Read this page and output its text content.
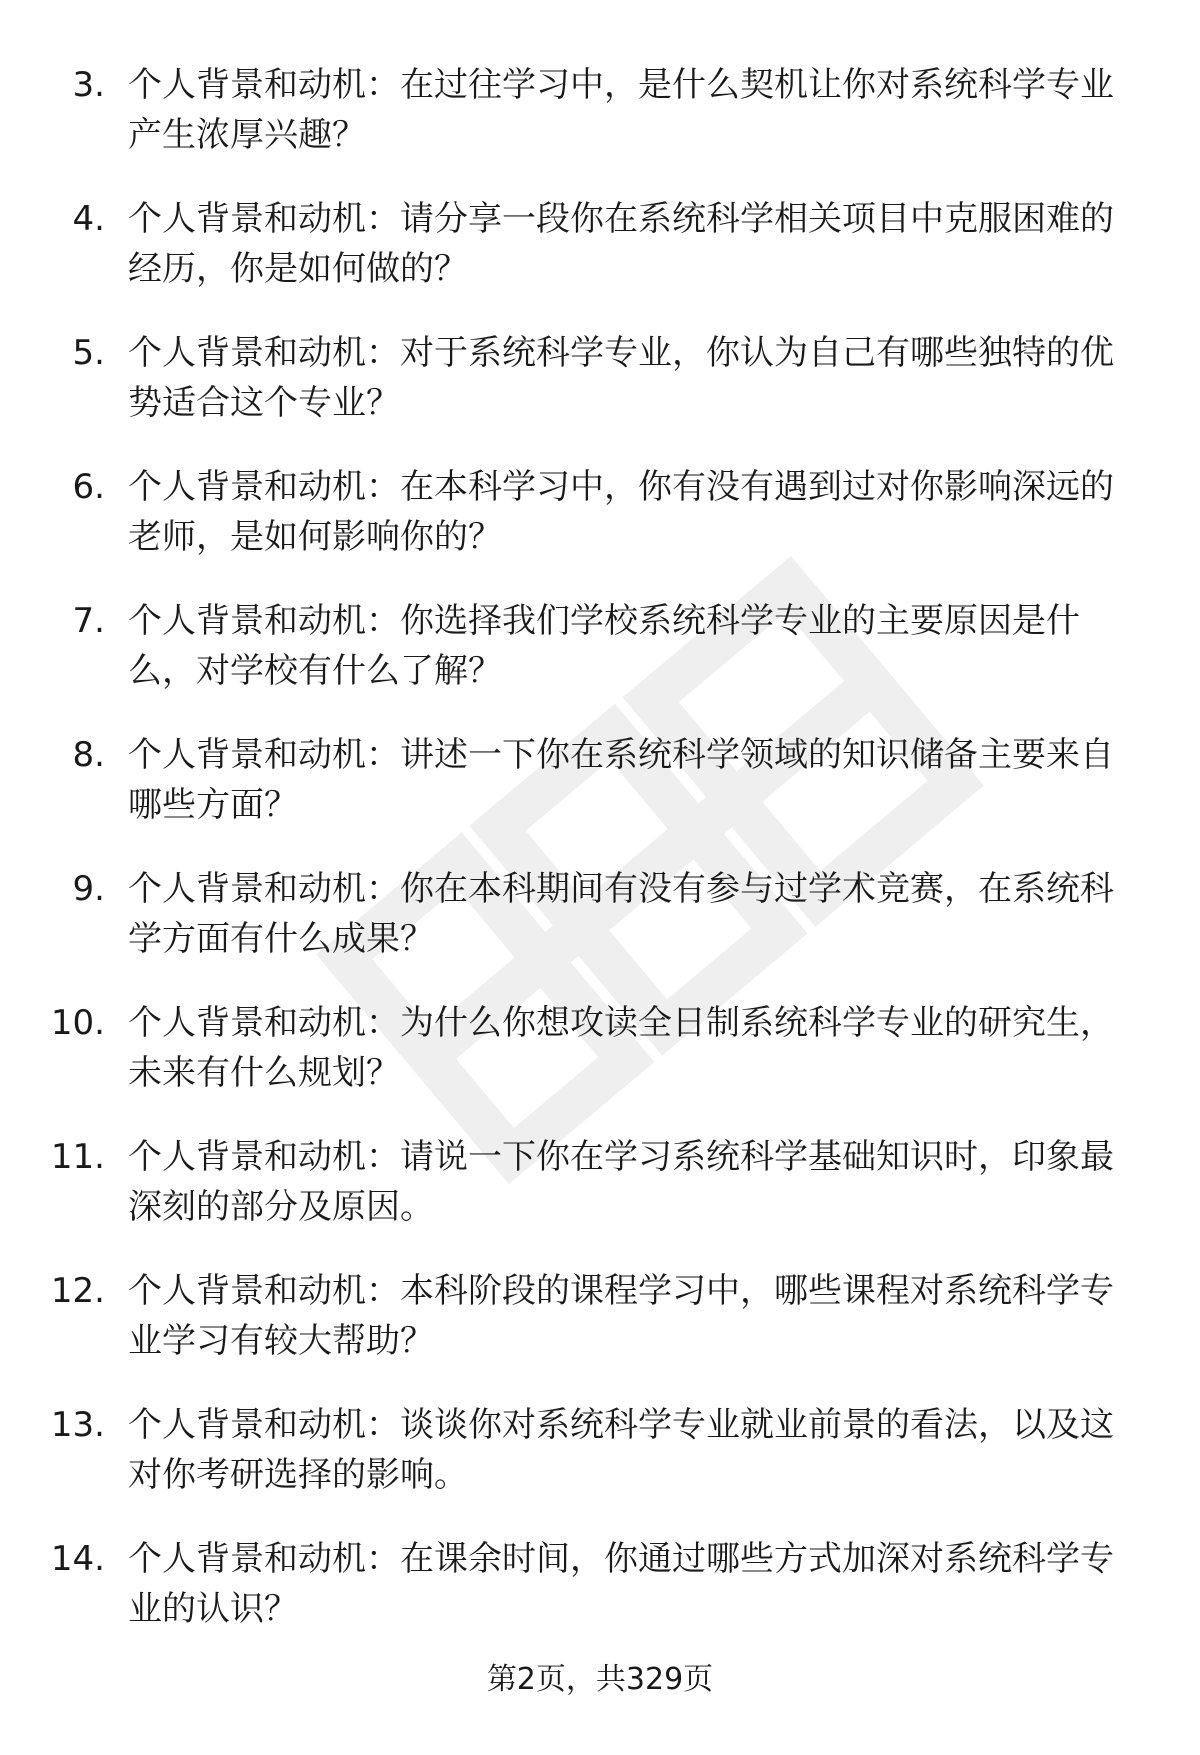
3. 个人背景和动机：在过往学习中，是什么契机让你对系统科学专业产生浓厚兴趣？

4. 个人背景和动机：请分享一段你在系统科学相关项目中克服困难的经历，你是如何做的？

5. 个人背景和动机：对于系统科学专业，你认为自己有哪些独特的优势适合这个专业？

6. 个人背景和动机：在本科学习中，你有没有遇到过对你影响深远的老师，是如何影响你的？

7. 个人背景和动机：你选择我们学校系统科学专业的主要原因是什么，对学校有什么了解？

8. 个人背景和动机：讲述一下你在系统科学领域的知识储备主要来自哪些方面？

9. 个人背景和动机：你在本科期间有没有参与过学术竞赛，在系统科学方面有什么成果？

10. 个人背景和动机：为什么你想攻读全日制系统科学专业的研究生，未来有什么规划？

11. 个人背景和动机：请说一下你在学习系统科学基础知识时，印象最深刻的部分及原因。

12. 个人背景和动机：本科阶段的课程学习中，哪些课程对系统科学专业学习有较大帮助？

13. 个人背景和动机：谈谈你对系统科学专业就业前景的看法，以及这对你考研选择的影响。

14. 个人背景和动机：在课余时间，你通过哪些方式加深对系统科学专业的认识？

第2页，共329页
